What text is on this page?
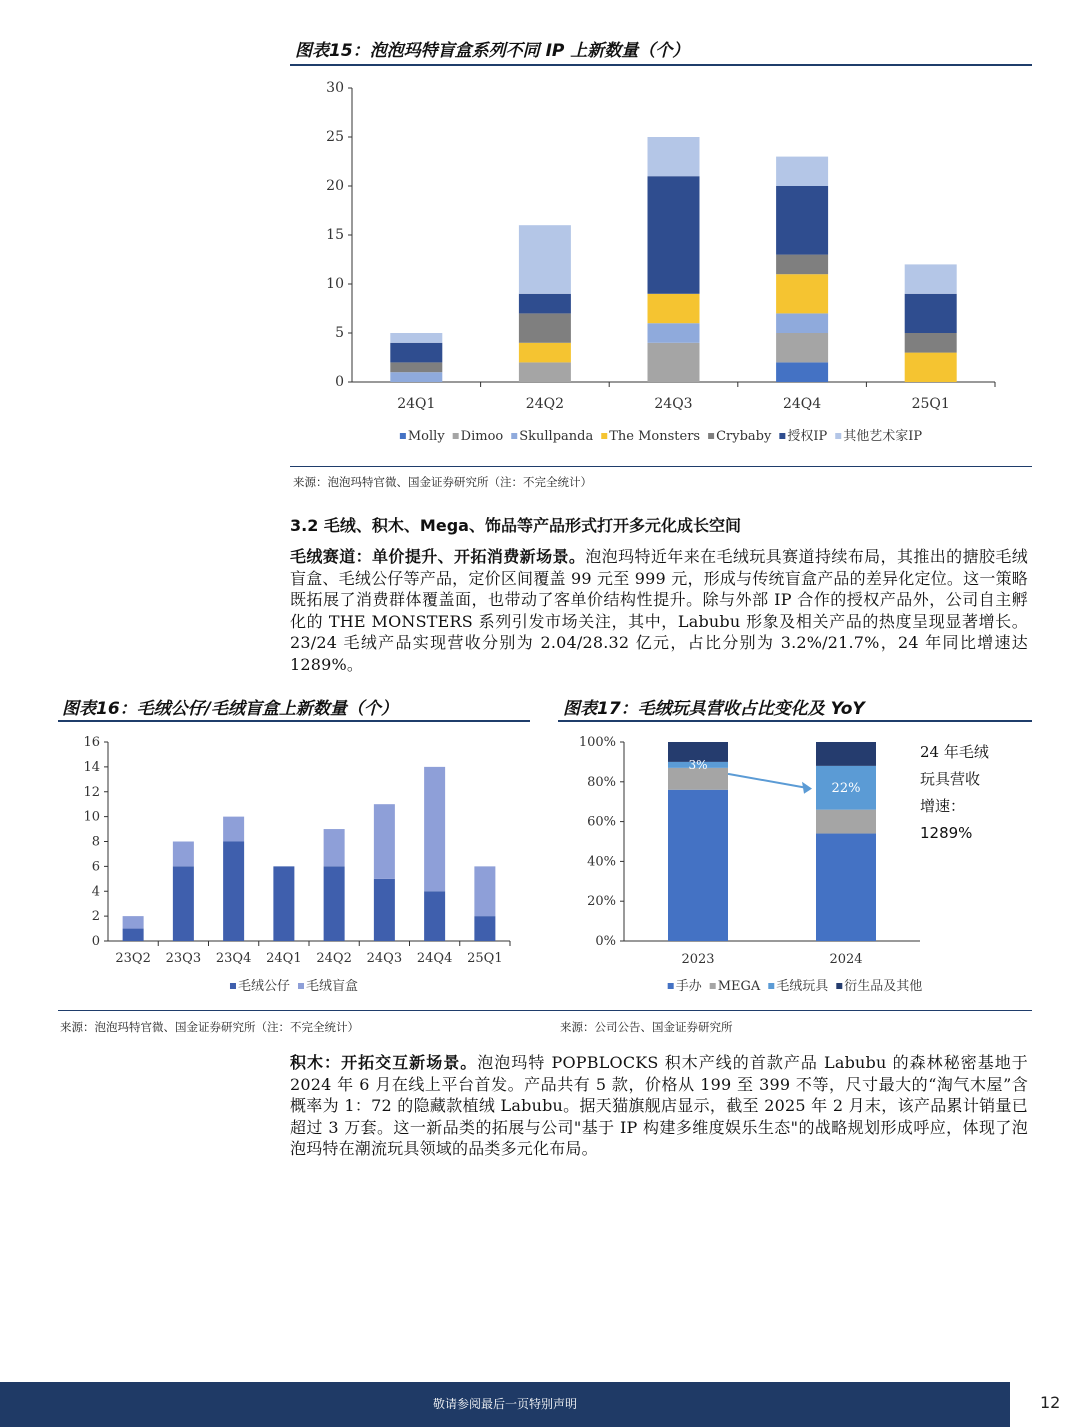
图表15：泡泡玛特盲盒系列不同 IP 上新数量（个）
0
5
10
15
20
25
30
24Q1	24Q2	24Q3	24Q4	25Q1
Molly Dimoo Skullpanda The Monsters Crybaby 授权IP 其他艺术家IP
来源：泡泡玛特官微、国金证券研究所（注：不完全统计）
3.2 毛绒、积木、Mega、饰品等产品形式打开多元化成长空间
毛绒赛道：单价提升、开拓消费新场景。泡泡玛特近年来在毛绒玩具赛道持续布局，其推出的搪胶毛绒盲盒、毛绒公仔等产品，定价区间覆盖 99 元至 999 元，形成与传统盲盒产品的差异化定位。这一策略既拓展了消费群体覆盖面，也带动了客单价结构性提升。除与外部 IP 合作的授权产品外，公司自主孵化的 THE MONSTERS 系列引发市场关注，其中，Labubu 形象及相关产品的热度呈现显著增长。23/24 毛绒产品实现营收分别为 2.04/28.32 亿元，占比分别为 3.2%/21.7%，24 年同比增速达 1289%。
图表16：毛绒公仔/毛绒盲盒上新数量（个）
0
2
4
6
8
10
12
14
16
23Q2 23Q3 23Q4 24Q1 24Q2 24Q3 24Q4 25Q1
毛绒公仔 毛绒盲盒
来源：泡泡玛特官微、国金证券研究所（注：不完全统计）
图表17：毛绒玩具营收占比变化及 YoY
0%
20%
40%
60%
80%
100%
2023	2024
手办 MEGA 毛绒玩具 衍生品及其他
3%
22%
24 年毛绒
玩具营收
增速：
1289%
来源：公司公告、国金证券研究所
积木：开拓交互新场景。泡泡玛特 POPBLOCKS 积木产线的首款产品 Labubu 的森林秘密基地于 2024 年 6 月在线上平台首发。产品共有 5 款，价格从 199 至 399 不等，尺寸最大的“淘气木屋”含概率为 1：72 的隐藏款植绒 Labubu。据天猫旗舰店显示，截至 2025 年 2 月末，该产品累计销量已超过 3 万套。这一新品类的拓展与公司"基于 IP 构建多维度娱乐生态"的战略规划形成呼应，体现了泡泡玛特在潮流玩具领域的品类多元化布局。
敬请参阅最后一页特别声明	12
